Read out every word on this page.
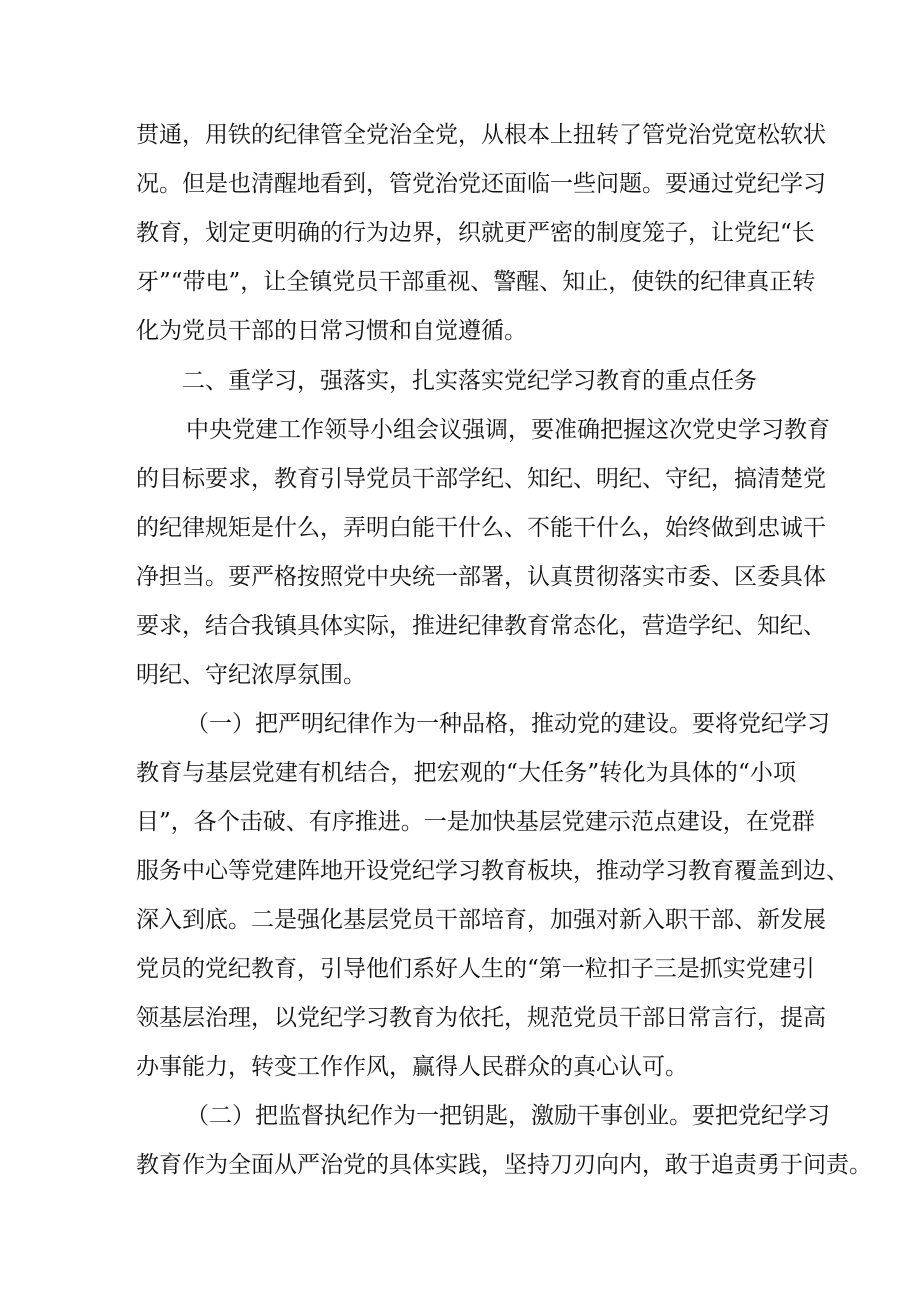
贯通，用铁的纪律管全党治全党，从根本上扭转了管党治党宽松软状
况。但是也清醒地看到，管党治党还面临一些问题。要通过党纪学习
教育，划定更明确的行为边界，织就更严密的制度笼子，让党纪“长
牙”“带电”，让全镇党员干部重视、警醒、知止，使铁的纪律真正转
化为党员干部的日常习惯和自觉遵循。
二、重学习，强落实，扎实落实党纪学习教育的重点任务
中央党建工作领导小组会议强调，要准确把握这次党史学习教育
的目标要求，教育引导党员干部学纪、知纪、明纪、守纪，搞清楚党
的纪律规矩是什么，弄明白能干什么、不能干什么，始终做到忠诚干
净担当。要严格按照党中央统一部署，认真贯彻落实市委、区委具体
要求，结合我镇具体实际，推进纪律教育常态化，营造学纪、知纪、
明纪、守纪浓厚氛围。
（一）把严明纪律作为一种品格，推动党的建设。要将党纪学习
教育与基层党建有机结合，把宏观的“大任务”转化为具体的“小项
目”，各个击破、有序推进。一是加快基层党建示范点建设，在党群
服务中心等党建阵地开设党纪学习教育板块，推动学习教育覆盖到边、
深入到底。二是强化基层党员干部培育，加强对新入职干部、新发展
党员的党纪教育，引导他们系好人生的“第一粒扣子三是抓实党建引
领基层治理，以党纪学习教育为依托，规范党员干部日常言行，提高
办事能力，转变工作作风，赢得人民群众的真心认可。
（二）把监督执纪作为一把钥匙，激励干事创业。要把党纪学习
教育作为全面从严治党的具体实践，坚持刀刃向内，敢于追责勇于问责。
